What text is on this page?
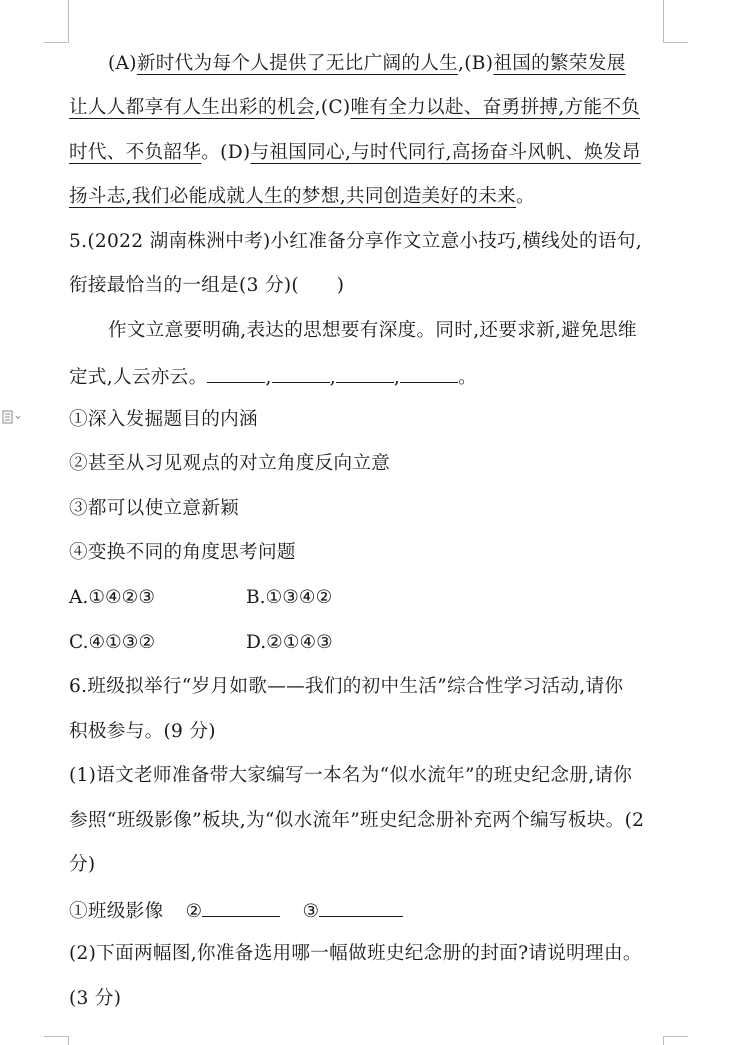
(A)新时代为每个人提供了无比广阔的人生,(B)祖国的繁荣发展
让人人都享有人生出彩的机会,(C)唯有全力以赴、奋勇拼搏,方能不负
时代、不负韶华。(D)与祖国同心,与时代同行,高扬奋斗风帆、焕发昂
扬斗志,我们必能成就人生的梦想,共同创造美好的未来。
5.(2022 湖南株洲中考)小红准备分享作文立意小技巧,横线处的语句,
衔接最恰当的一组是(3 分)(　　)
作文立意要明确,表达的思想要有深度。同时,还要求新,避免思维
定式,人云亦云。	,	,	,	。
①深入发掘题目的内涵
②甚至从习见观点的对立角度反向立意
③都可以使立意新颖
④变换不同的角度思考问题
A.①④②③	B.①③④②
C.④①③②	D.②①④③
6.班级拟举行“岁月如歌——我们的初中生活”综合性学习活动,请你
积极参与。(9 分)
(1)语文老师准备带大家编写一本名为“似水流年”的班史纪念册,请你
参照“班级影像”板块,为“似水流年”班史纪念册补充两个编写板块。(2
分)
①班级影像 ②	③
(2)下面两幅图,你准备选用哪一幅做班史纪念册的封面?请说明理由。
(3 分)
